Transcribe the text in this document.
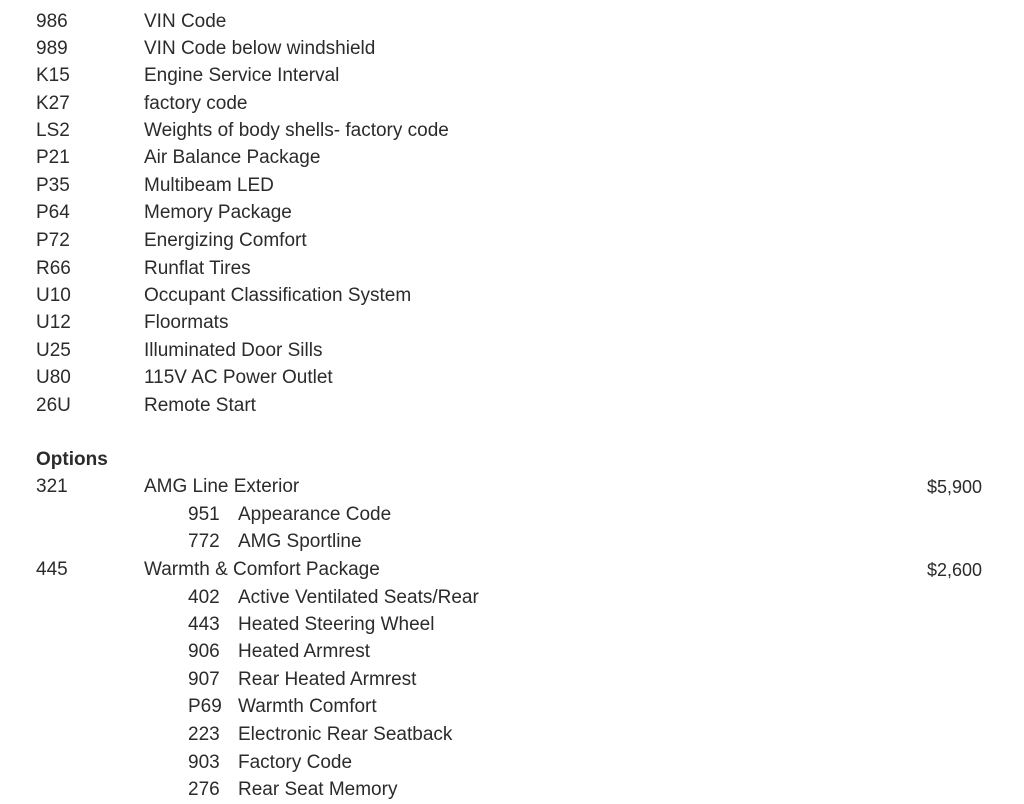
986	VIN Code
989	VIN Code below windshield
K15	Engine Service Interval
K27	factory code
LS2	Weights of body shells- factory code
P21	Air Balance Package
P35	Multibeam LED
P64	Memory Package
P72	Energizing Comfort
R66	Runflat Tires
U10	Occupant Classification System
U12	Floormats
U25	Illuminated Door Sills
U80	115V AC Power Outlet
26U	Remote Start
Options
321	AMG Line Exterior	$5,900
951 Appearance Code
772 AMG Sportline
445	Warmth & Comfort Package	$2,600
402 Active Ventilated Seats/Rear
443 Heated Steering Wheel
906 Heated Armrest
907 Rear Heated Armrest
P69 Warmth Comfort
223 Electronic Rear Seatback
903 Factory Code
276 Rear Seat Memory
